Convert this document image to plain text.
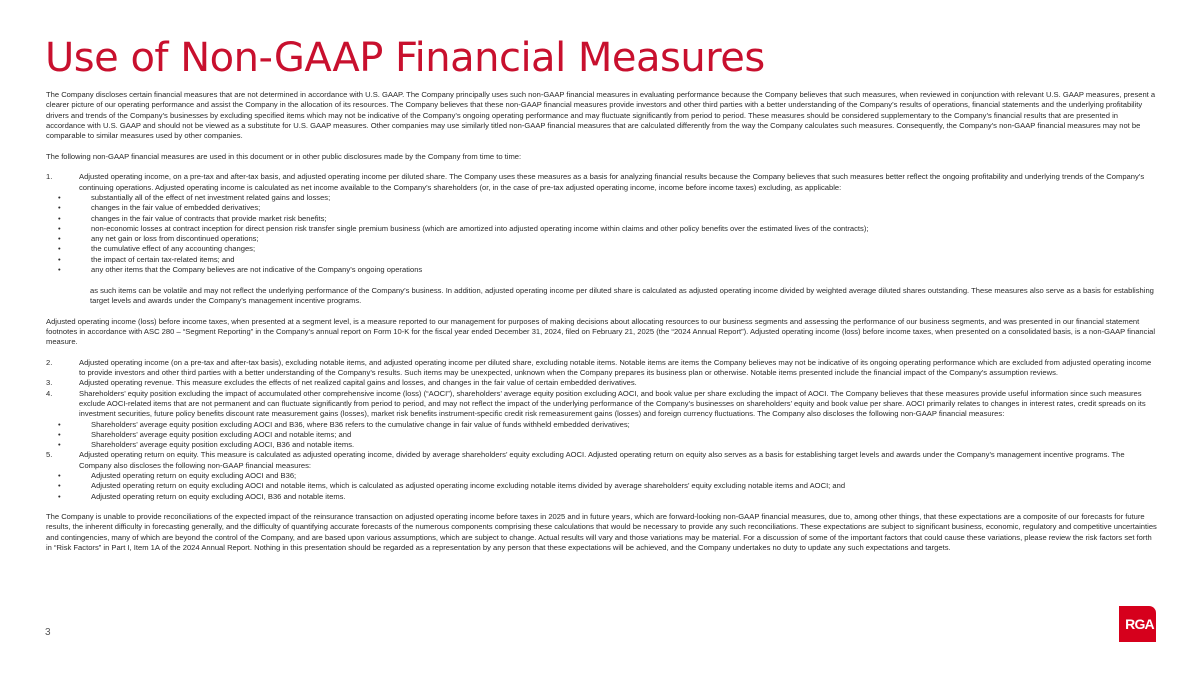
Use of Non-GAAP Financial Measures

The Company discloses certain financial measures that are not determined in accordance with U.S. GAAP. The Company principally uses such non-GAAP financial measures in evaluating performance because the Company believes that such measures, when reviewed in conjunction with relevant U.S. GAAP measures, present a clearer picture of our operating performance and assist the Company in the allocation of its resources. The Company believes that these non-GAAP financial measures provide investors and other third parties with a better understanding of the Company’s results of operations, financial statements and the underlying profitability drivers and trends of the Company’s businesses by excluding specified items which may not be indicative of the Company’s ongoing operating performance and may fluctuate significantly from period to period. These measures should be considered supplementary to the Company’s financial results that are presented in accordance with U.S. GAAP and should not be viewed as a substitute for U.S. GAAP measures. Other companies may use similarly titled non-GAAP financial measures that are calculated differently from the way the Company calculates such measures. Consequently, the Company’s non-GAAP financial measures may not be comparable to similar measures used by other companies.

The following non-GAAP financial measures are used in this document or in other public disclosures made by the Company from time to time:

1.	Adjusted operating income, on a pre-tax and after-tax basis, and adjusted operating income per diluted share. The Company uses these measures as a basis for analyzing financial results because the Company believes that such measures better reflect the ongoing profitability and underlying trends of the Company’s continuing operations. Adjusted operating income is calculated as net income available to the Company’s shareholders (or, in the case of pre-tax adjusted operating income, income before income taxes) excluding, as applicable:

•	substantially all of the effect of net investment related gains and losses;
•	changes in the fair value of embedded derivatives;
•	changes in the fair value of contracts that provide market risk benefits;
•	non-economic losses at contract inception for direct pension risk transfer single premium business (which are amortized into adjusted operating income within claims and other policy benefits over the estimated lives of the contracts);
•	any net gain or loss from discontinued operations;
•	the cumulative effect of any accounting changes;
•	the impact of certain tax-related items; and
•	any other items that the Company believes are not indicative of the Company’s ongoing operations

as such items can be volatile and may not reflect the underlying performance of the Company’s business. In addition, adjusted operating income per diluted share is calculated as adjusted operating income divided by weighted average diluted shares outstanding. These measures also serve as a basis for establishing target levels and awards under the Company’s management incentive programs.

Adjusted operating income (loss) before income taxes, when presented at a segment level, is a measure reported to our management for purposes of making decisions about allocating resources to our business segments and assessing the performance of our business segments, and was presented in our financial statement footnotes in accordance with ASC 280 – “Segment Reporting” in the Company’s annual report on Form 10-K for the fiscal year ended December 31, 2024, filed on February 21, 2025 (the “2024 Annual Report”). Adjusted operating income (loss) before income taxes, when presented on a consolidated basis, is a non-GAAP financial measure.

2.	Adjusted operating income (on a pre-tax and after-tax basis), excluding notable items, and adjusted operating income per diluted share, excluding notable items. Notable items are items the Company believes may not be indicative of its ongoing operating performance which are excluded from adjusted operating income to provide investors and other third parties with a better understanding of the Company’s results. Such items may be unexpected, unknown when the Company prepares its business plan or otherwise. Notable items presented include the financial impact of the Company’s assumption reviews.

3.	Adjusted operating revenue. This measure excludes the effects of net realized capital gains and losses, and changes in the fair value of certain embedded derivatives.

4.	Shareholders’ equity position excluding the impact of accumulated other comprehensive income (loss) (“AOCI”), shareholders’ average equity position excluding AOCI, and book value per share excluding the impact of AOCI. The Company believes that these measures provide useful information since such measures exclude AOCI-related items that are not permanent and can fluctuate significantly from period to period, and may not reflect the impact of the underlying performance of the Company’s businesses on shareholders’ equity and book value per share. AOCI primarily relates to changes in interest rates, credit spreads on its investment securities, future policy benefits discount rate measurement gains (losses), market risk benefits instrument-specific credit risk remeasurement gains (losses) and foreign currency fluctuations. The Company also discloses the following non-GAAP financial measures:

•	Shareholders’ average equity position excluding AOCI and B36, where B36 refers to the cumulative change in fair value of funds withheld embedded derivatives;
•	Shareholders’ average equity position excluding AOCI and notable items; and
•	Shareholders’ average equity position excluding AOCI, B36 and notable items.
5.	Adjusted operating return on equity. This measure is calculated as adjusted operating income, divided by average shareholders’ equity excluding AOCI. Adjusted operating return on equity also serves as a basis for establishing target levels and awards under the Company’s management incentive programs. The Company also discloses the following non-GAAP financial measures:

•	Adjusted operating return on equity excluding AOCI and B36;
•	Adjusted operating return on equity excluding AOCI and notable items, which is calculated as adjusted operating income excluding notable items divided by average shareholders’ equity excluding notable items and AOCI; and
•	Adjusted operating return on equity excluding AOCI, B36 and notable items.

The Company is unable to provide reconciliations of the expected impact of the reinsurance transaction on adjusted operating income before taxes in 2025 and in future years, which are forward-looking non-GAAP financial measures, due to, among other things, that these expectations are a composite of our forecasts for future results, the inherent difficulty in forecasting generally, and the difficulty of quantifying accurate forecasts of the numerous components comprising these calculations that would be necessary to provide any such reconciliations. These expectations are subject to significant business, economic, regulatory and competitive uncertainties and contingencies, many of which are beyond the control of the Company, and are based upon various assumptions, which are subject to change. Actual results will vary and those variations may be material. For a discussion of some of the important factors that could cause these variations, please review the risk factors set forth in “Risk Factors” in Part I, Item 1A of the 2024 Annual Report. Nothing in this presentation should be regarded as a representation by any person that these expectations will be achieved, and the Company undertakes no duty to update any such expectations and targets.

3
RGA
